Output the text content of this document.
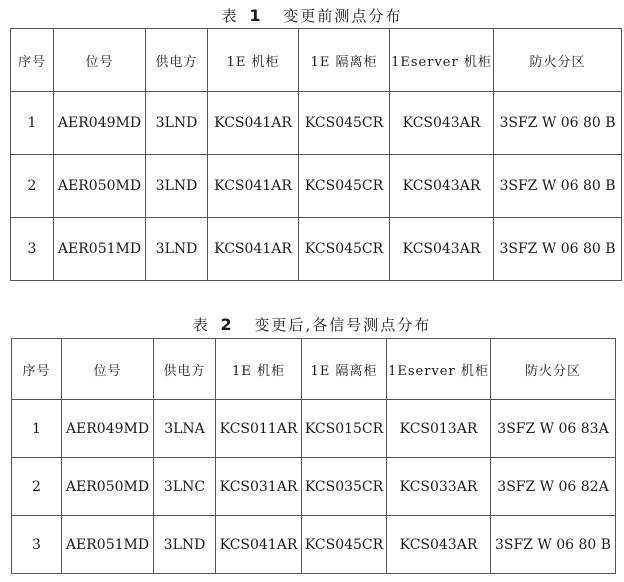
表 1 变更前测点分布
序号	位号	供电方	1E 机柜	1E 隔离柜	1Eserver 机柜	防火分区
1	AER049MD	3LND	KCS041AR	KCS045CR	KCS043AR	3SFZ W 06 80 B
2	AER050MD	3LND	KCS041AR	KCS045CR	KCS043AR	3SFZ W 06 80 B
3	AER051MD	3LND	KCS041AR	KCS045CR	KCS043AR	3SFZ W 06 80 B
表 2 变更后,各信号测点分布
序号	位号	供电方	1E 机柜	1E 隔离柜	1Eserver 机柜	防火分区
1	AER049MD	3LNA	KCS011AR	KCS015CR	KCS013AR	3SFZ W 06 83A
2	AER050MD	3LNC	KCS031AR	KCS035CR	KCS033AR	3SFZ W 06 82A
3	AER051MD	3LND	KCS041AR	KCS045CR	KCS043AR	3SFZ W 06 80 B
